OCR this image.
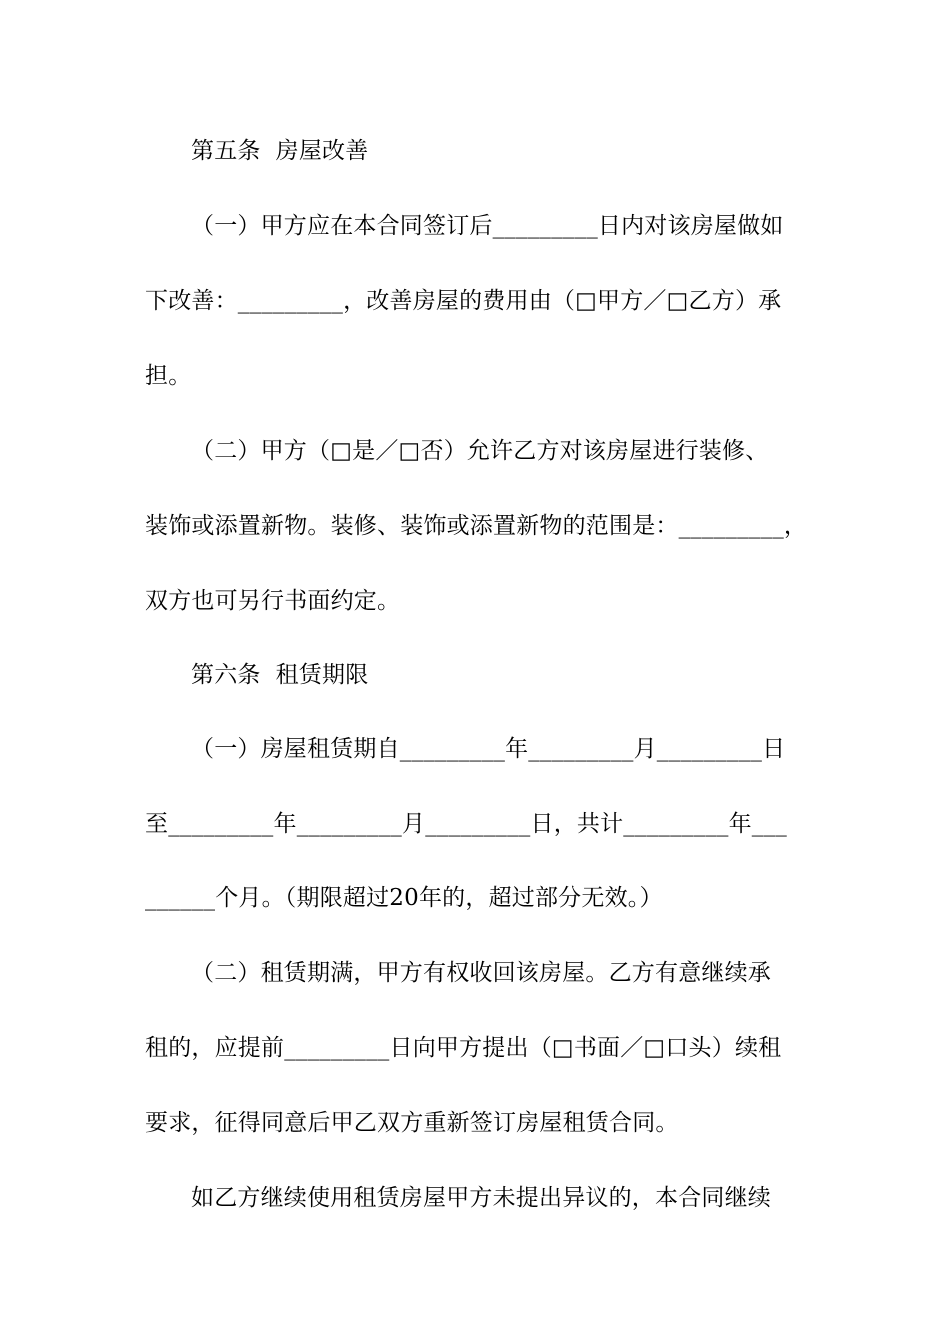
第五条  房屋改善
（一）甲方应在本合同签订后_________日内对该房屋做如
下改善：_________，改善房屋的费用由（□甲方／□乙方）承
担。
（二）甲方（□是／□否）允许乙方对该房屋进行装修、
装饰或添置新物。装修、装饰或添置新物的范围是：_________，
双方也可另行书面约定。
第六条  租赁期限
（一）房屋租赁期自_________年_________月_________日
至_________年_________月_________日，共计_________年___
______个月。（期限超过20年的，超过部分无效。）
（二）租赁期满，甲方有权收回该房屋。乙方有意继续承
租的，应提前_________日向甲方提出（□书面／□口头）续租
要求，征得同意后甲乙双方重新签订房屋租赁合同。
如乙方继续使用租赁房屋甲方未提出异议的，本合同继续
